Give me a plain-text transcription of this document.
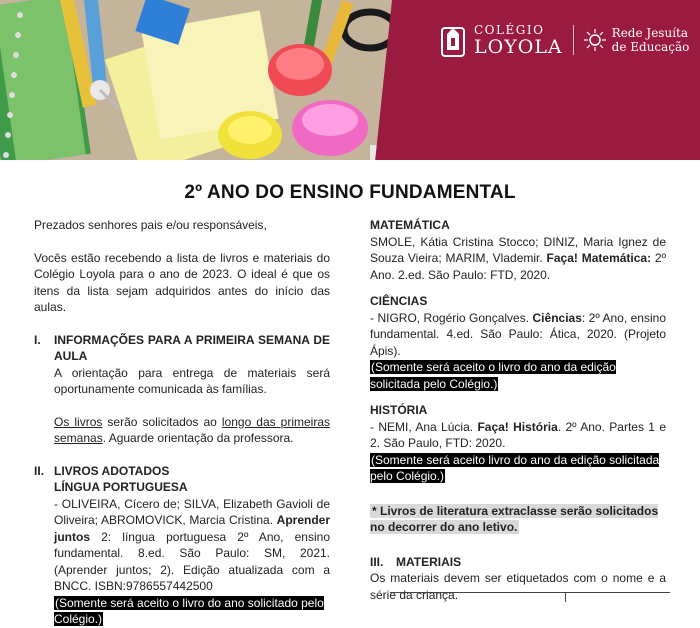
COLÉGIO
LOYOLA
Rede Jesuíta
de Educação
2º ANO DO ENSINO FUNDAMENTAL

Prezados senhores pais e/ou responsáveis,

Vocês estão recebendo a lista de livros e materiais do Colégio Loyola para o ano de 2023. O ideal é que os itens da lista sejam adquiridos antes do início das aulas.

I.	INFORMAÇÕES PARA A PRIMEIRA SEMANA DE AULA

A orientação para entrega de materiais será oportunamente comunicada às famílias.

Os livros serão solicitados ao longo das primeiras semanas. Aguarde orientação da professora.

II. LIVROS ADOTADOS
LÍNGUA PORTUGUESA
- OLIVEIRA, Cícero de; SILVA, Elizabeth Gavioli de Oliveira; ABROMOVICK, Marcia Cristina. Aprender juntos 2: língua portuguesa 2º Ano, ensino fundamental. 8.ed. São Paulo: SM, 2021. (Aprender juntos; 2). Edição atualizada com a BNCC. ISBN:9786557442500
(Somente será aceito o livro do ano solicitado pelo Colégio.)
MATEMÁTICA

SMOLE, Kátia Cristina Stocco; DINIZ, Maria Ignez de Souza Vieira; MARIM, Vlademir. Faça! Matemática: 2º Ano. 2.ed. São Paulo: FTD, 2020.

CIÊNCIAS
- NIGRO, Rogério Gonçalves. Ciências: 2º Ano, ensino fundamental. 4.ed. São Paulo: Ática, 2020. (Projeto Ápis).
(Somente será aceito o livro do ano da edição solicitada pelo Colégio.)
HISTÓRIA
- NEMI, Ana Lúcia. Faça! História. 2º Ano. Partes 1 e 2. São Paulo, FTD: 2020.
(Somente será aceito livro do ano da edição solicitada pelo Colégio.)
* Livros de literatura extraclasse serão solicitados no decorrer do ano letivo.
III.	MATERIAIS
Os materiais devem ser etiquetados com o nome e a série da criança.
